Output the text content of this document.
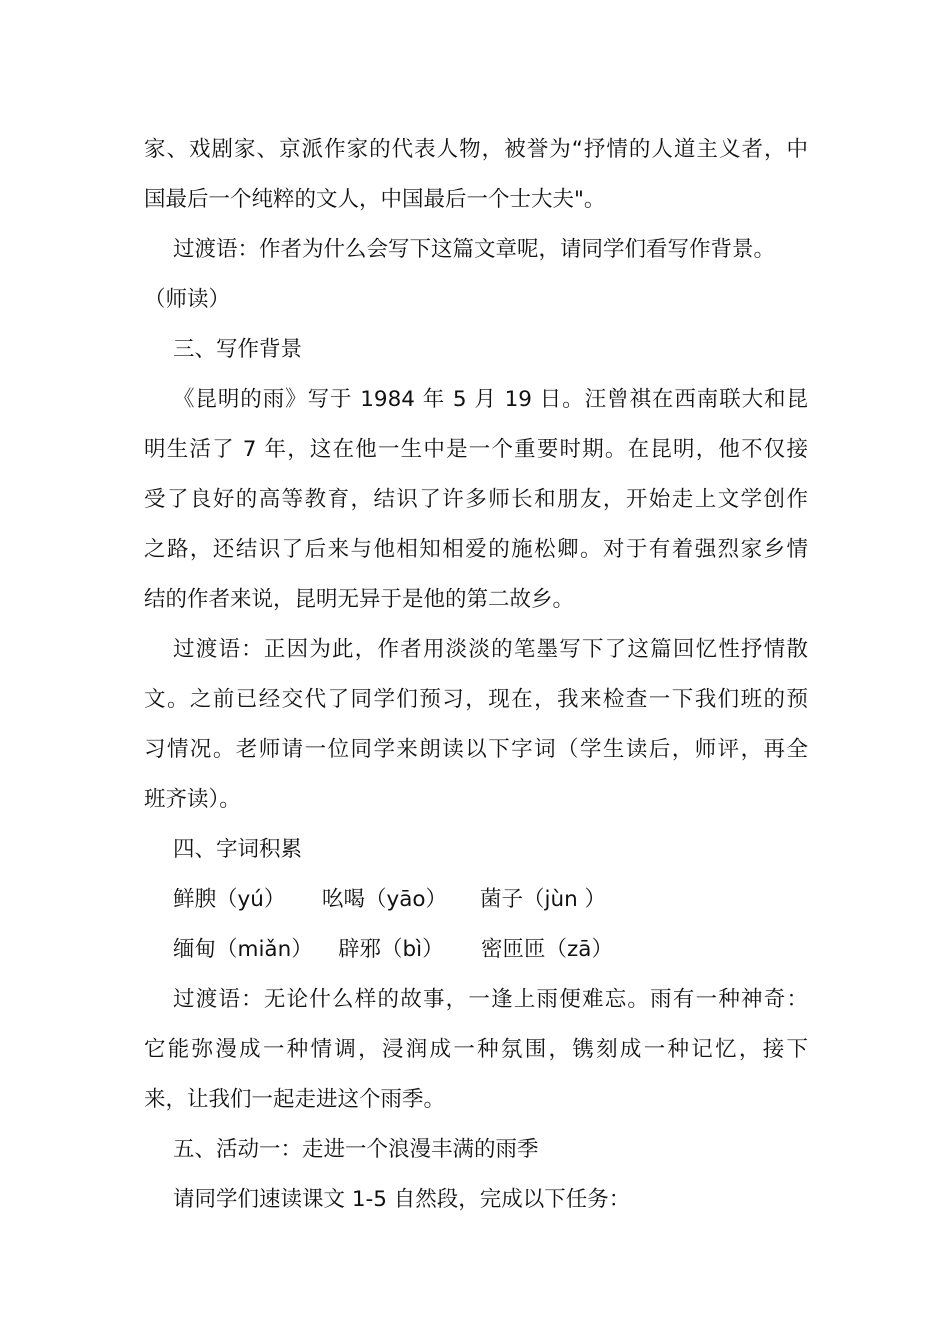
家、戏剧家、京派作家的代表人物，被誉为“抒情的人道主义者，中
国最后一个纯粹的文人，中国最后一个士大夫"。
过渡语：作者为什么会写下这篇文章呢，请同学们看写作背景。
（师读）
三、写作背景
《昆明的雨》写于 1984 年 5 月 19 日。汪曾祺在西南联大和昆
明生活了 7 年，这在他一生中是一个重要时期。在昆明，他不仅接
受了良好的高等教育，结识了许多师长和朋友，开始走上文学创作
之路，还结识了后来与他相知相爱的施松卿。对于有着强烈家乡情
结的作者来说，昆明无异于是他的第二故乡。
过渡语：正因为此，作者用淡淡的笔墨写下了这篇回忆性抒情散
文。之前已经交代了同学们预习，现在，我来检查一下我们班的预
习情况。老师请一位同学来朗读以下字词（学生读后，师评，再全
班齐读）。
四、字词积累
鲜腴（yú）	吆喝（yāo）	菌子（jùn ）
缅甸（miǎn）	辟邪（bì）	密匝匝（zā）
过渡语：无论什么样的故事，一逢上雨便难忘。雨有一种神奇：
它能弥漫成一种情调，浸润成一种氛围，镌刻成一种记忆，接下
来，让我们一起走进这个雨季。
五、活动一：走进一个浪漫丰满的雨季
请同学们速读课文 1-5 自然段，完成以下任务：
